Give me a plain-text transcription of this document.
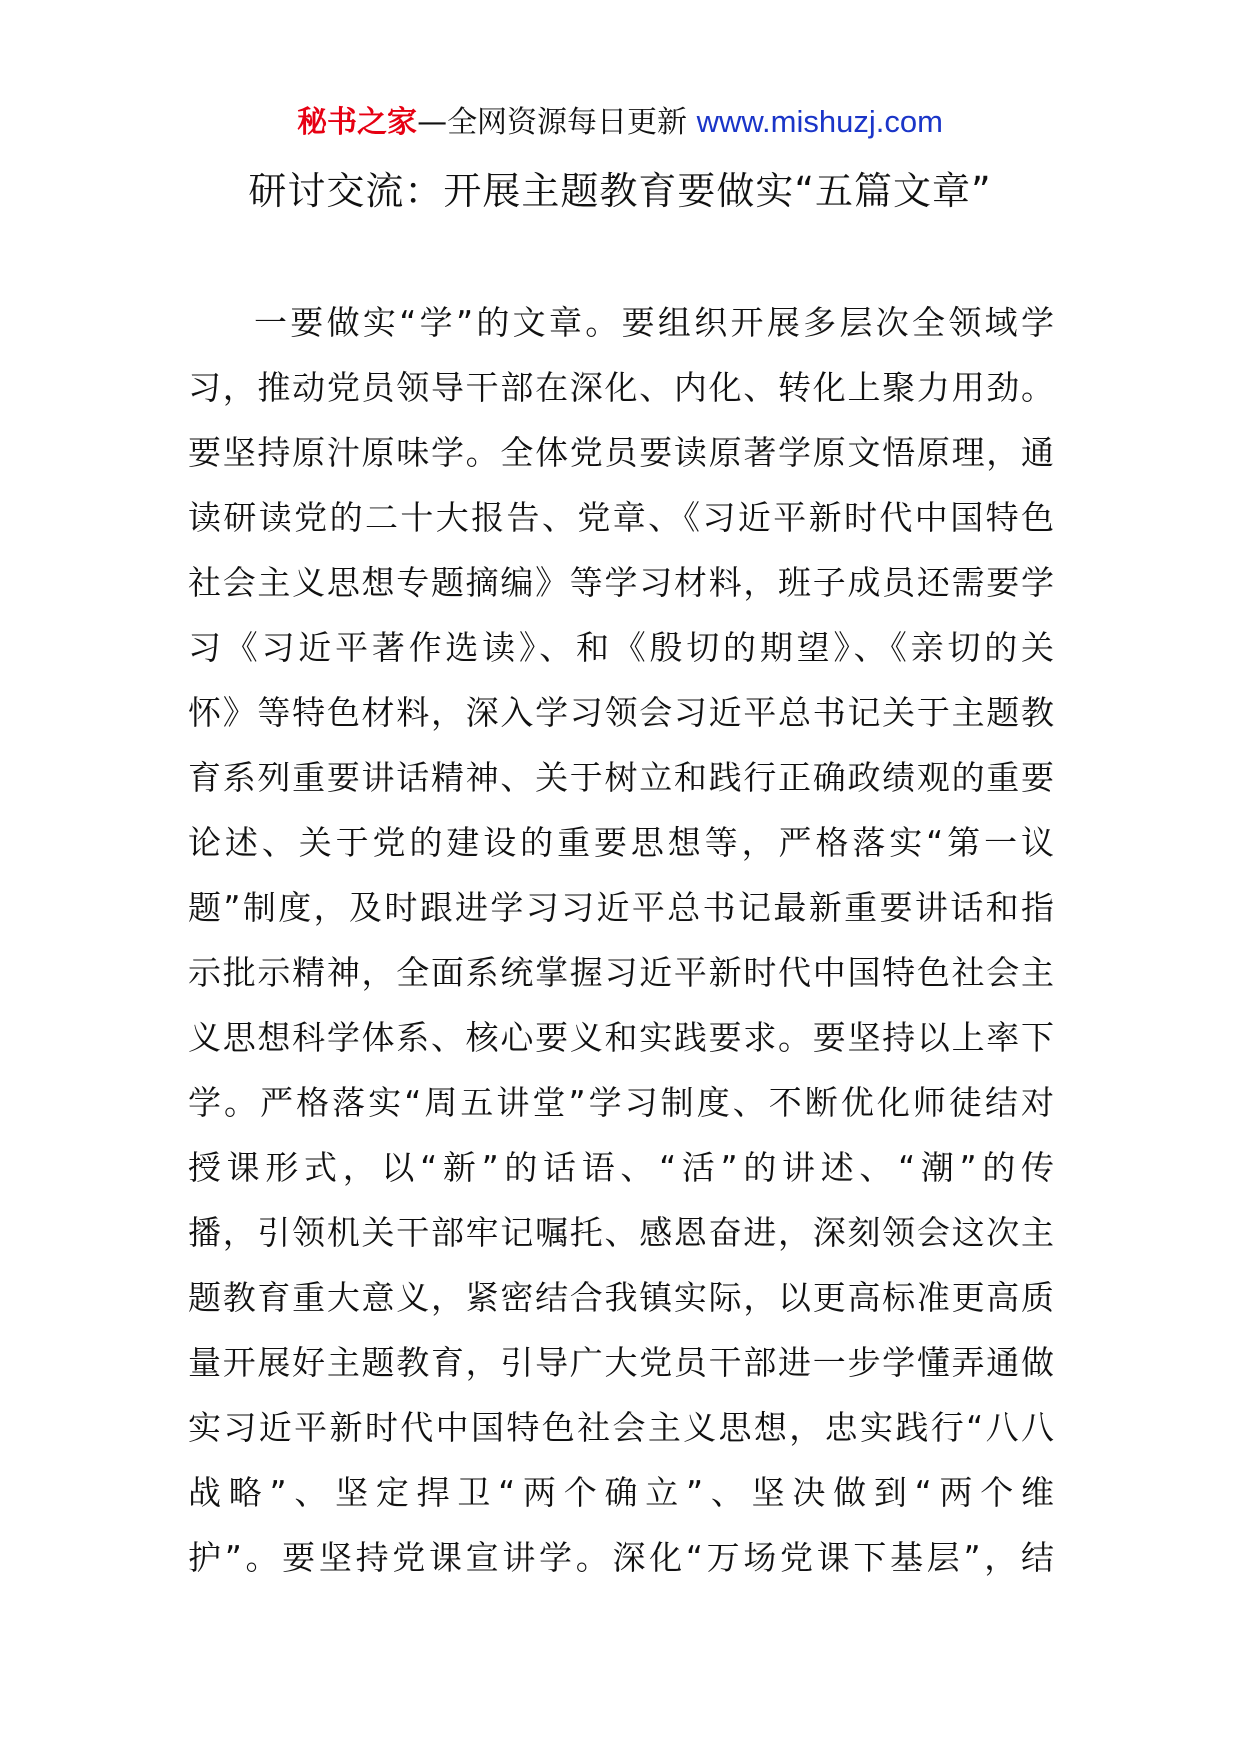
秘书之家—全网资源每日更新 www.mishuzj.com
研讨交流：开展主题教育要做实“五篇文章”
一要做实“学”的文章。要组织开展多层次全领域学
习，推动党员领导干部在深化、内化、转化上聚力用劲。
要坚持原汁原味学。全体党员要读原著学原文悟原理，通
读研读党的二十大报告、党章、《习近平新时代中国特色
社会主义思想专题摘编》等学习材料，班子成员还需要学
习《习近平著作选读》、和《殷切的期望》、《亲切的关
怀》等特色材料，深入学习领会习近平总书记关于主题教
育系列重要讲话精神、关于树立和践行正确政绩观的重要
论述、关于党的建设的重要思想等，严格落实“第一议
题”制度，及时跟进学习习近平总书记最新重要讲话和指
示批示精神，全面系统掌握习近平新时代中国特色社会主
义思想科学体系、核心要义和实践要求。要坚持以上率下
学。严格落实“周五讲堂”学习制度、不断优化师徒结对
授课形式，以“新”的话语、“活”的讲述、“潮”的传
播，引领机关干部牢记嘱托、感恩奋进，深刻领会这次主
题教育重大意义，紧密结合我镇实际，以更高标准更高质
量开展好主题教育，引导广大党员干部进一步学懂弄通做
实习近平新时代中国特色社会主义思想，忠实践行“八八
战略”、坚定捍卫“两个确立”、坚决做到“两个维
护”。要坚持党课宣讲学。深化“万场党课下基层”，结
